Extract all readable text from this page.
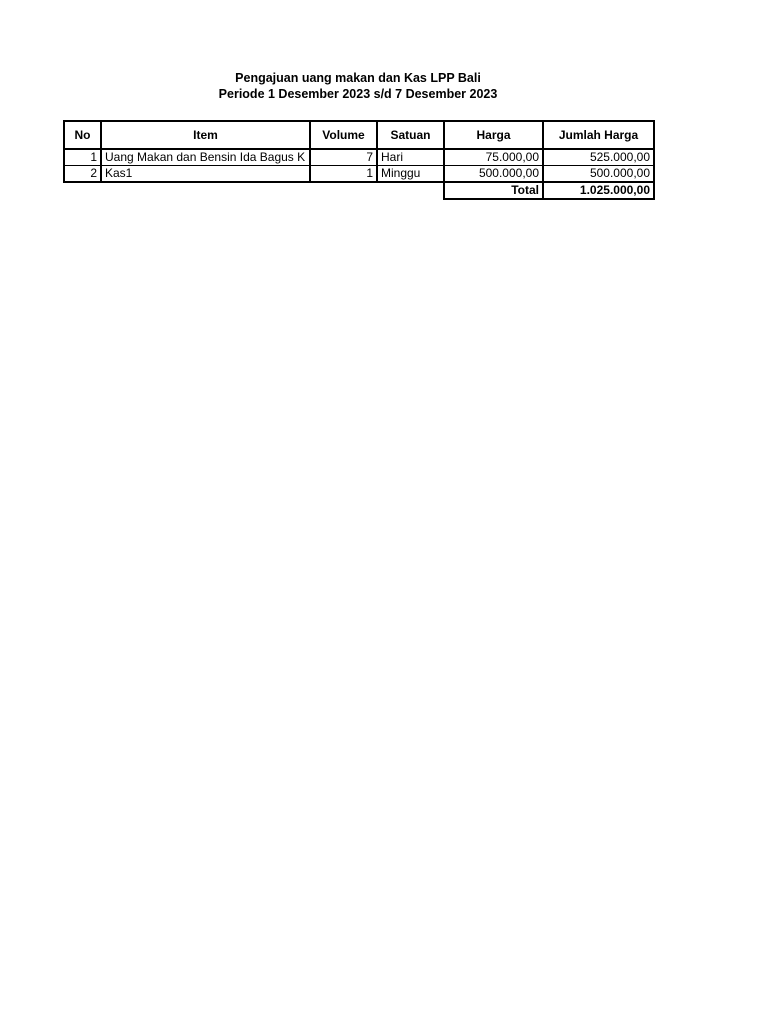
Pengajuan uang makan dan Kas LPP Bali
Periode 1 Desember 2023 s/d 7 Desember 2023
No	Item	Volume	Satuan	Harga	Jumlah Harga
1	Uang Makan dan Bensin Ida Bagus K	7	Hari	75.000,00	525.000,00
2	Kas1	1	Minggu	500.000,00	500.000,00
				Total	1.025.000,00
